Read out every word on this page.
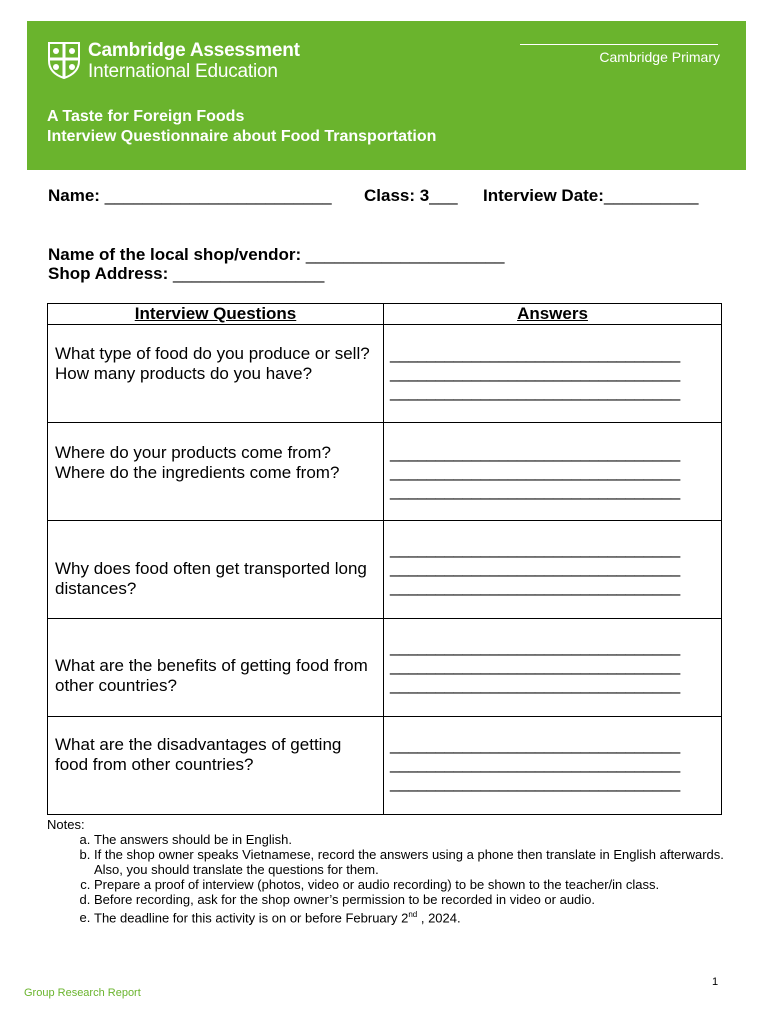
Cambridge Assessment
International Education
Cambridge Primary
A Taste for Foreign Foods
Interview Questionnaire about Food Transportation
Name: ________________________ Class: 3___ Interview Date:__________
Name of the local shop/vendor: _____________________
Shop Address: ________________
Interview Questions	Answers

What type of food do you produce or sell? How many products do you have?	________________________________
________________________________
________________________________

Where do your products come from? Where do the ingredients come from?	________________________________
________________________________
________________________________

Why does food often get transported long distances?	________________________________
________________________________
________________________________

What are the benefits of getting food from other countries?	________________________________
________________________________
________________________________

What are the disadvantages of getting food from other countries?	________________________________
________________________________
________________________________
Notes:
a. The answers should be in English.
b. If the shop owner speaks Vietnamese, record the answers using a phone then translate in English afterwards. Also, you should translate the questions for them.
c. Prepare a proof of interview (photos, video or audio recording) to be shown to the teacher/in class.
d. Before recording, ask for the shop owner’s permission to be recorded in video or audio.
e. The deadline for this activity is on or before February 2nd , 2024.
1
Group Research Report
